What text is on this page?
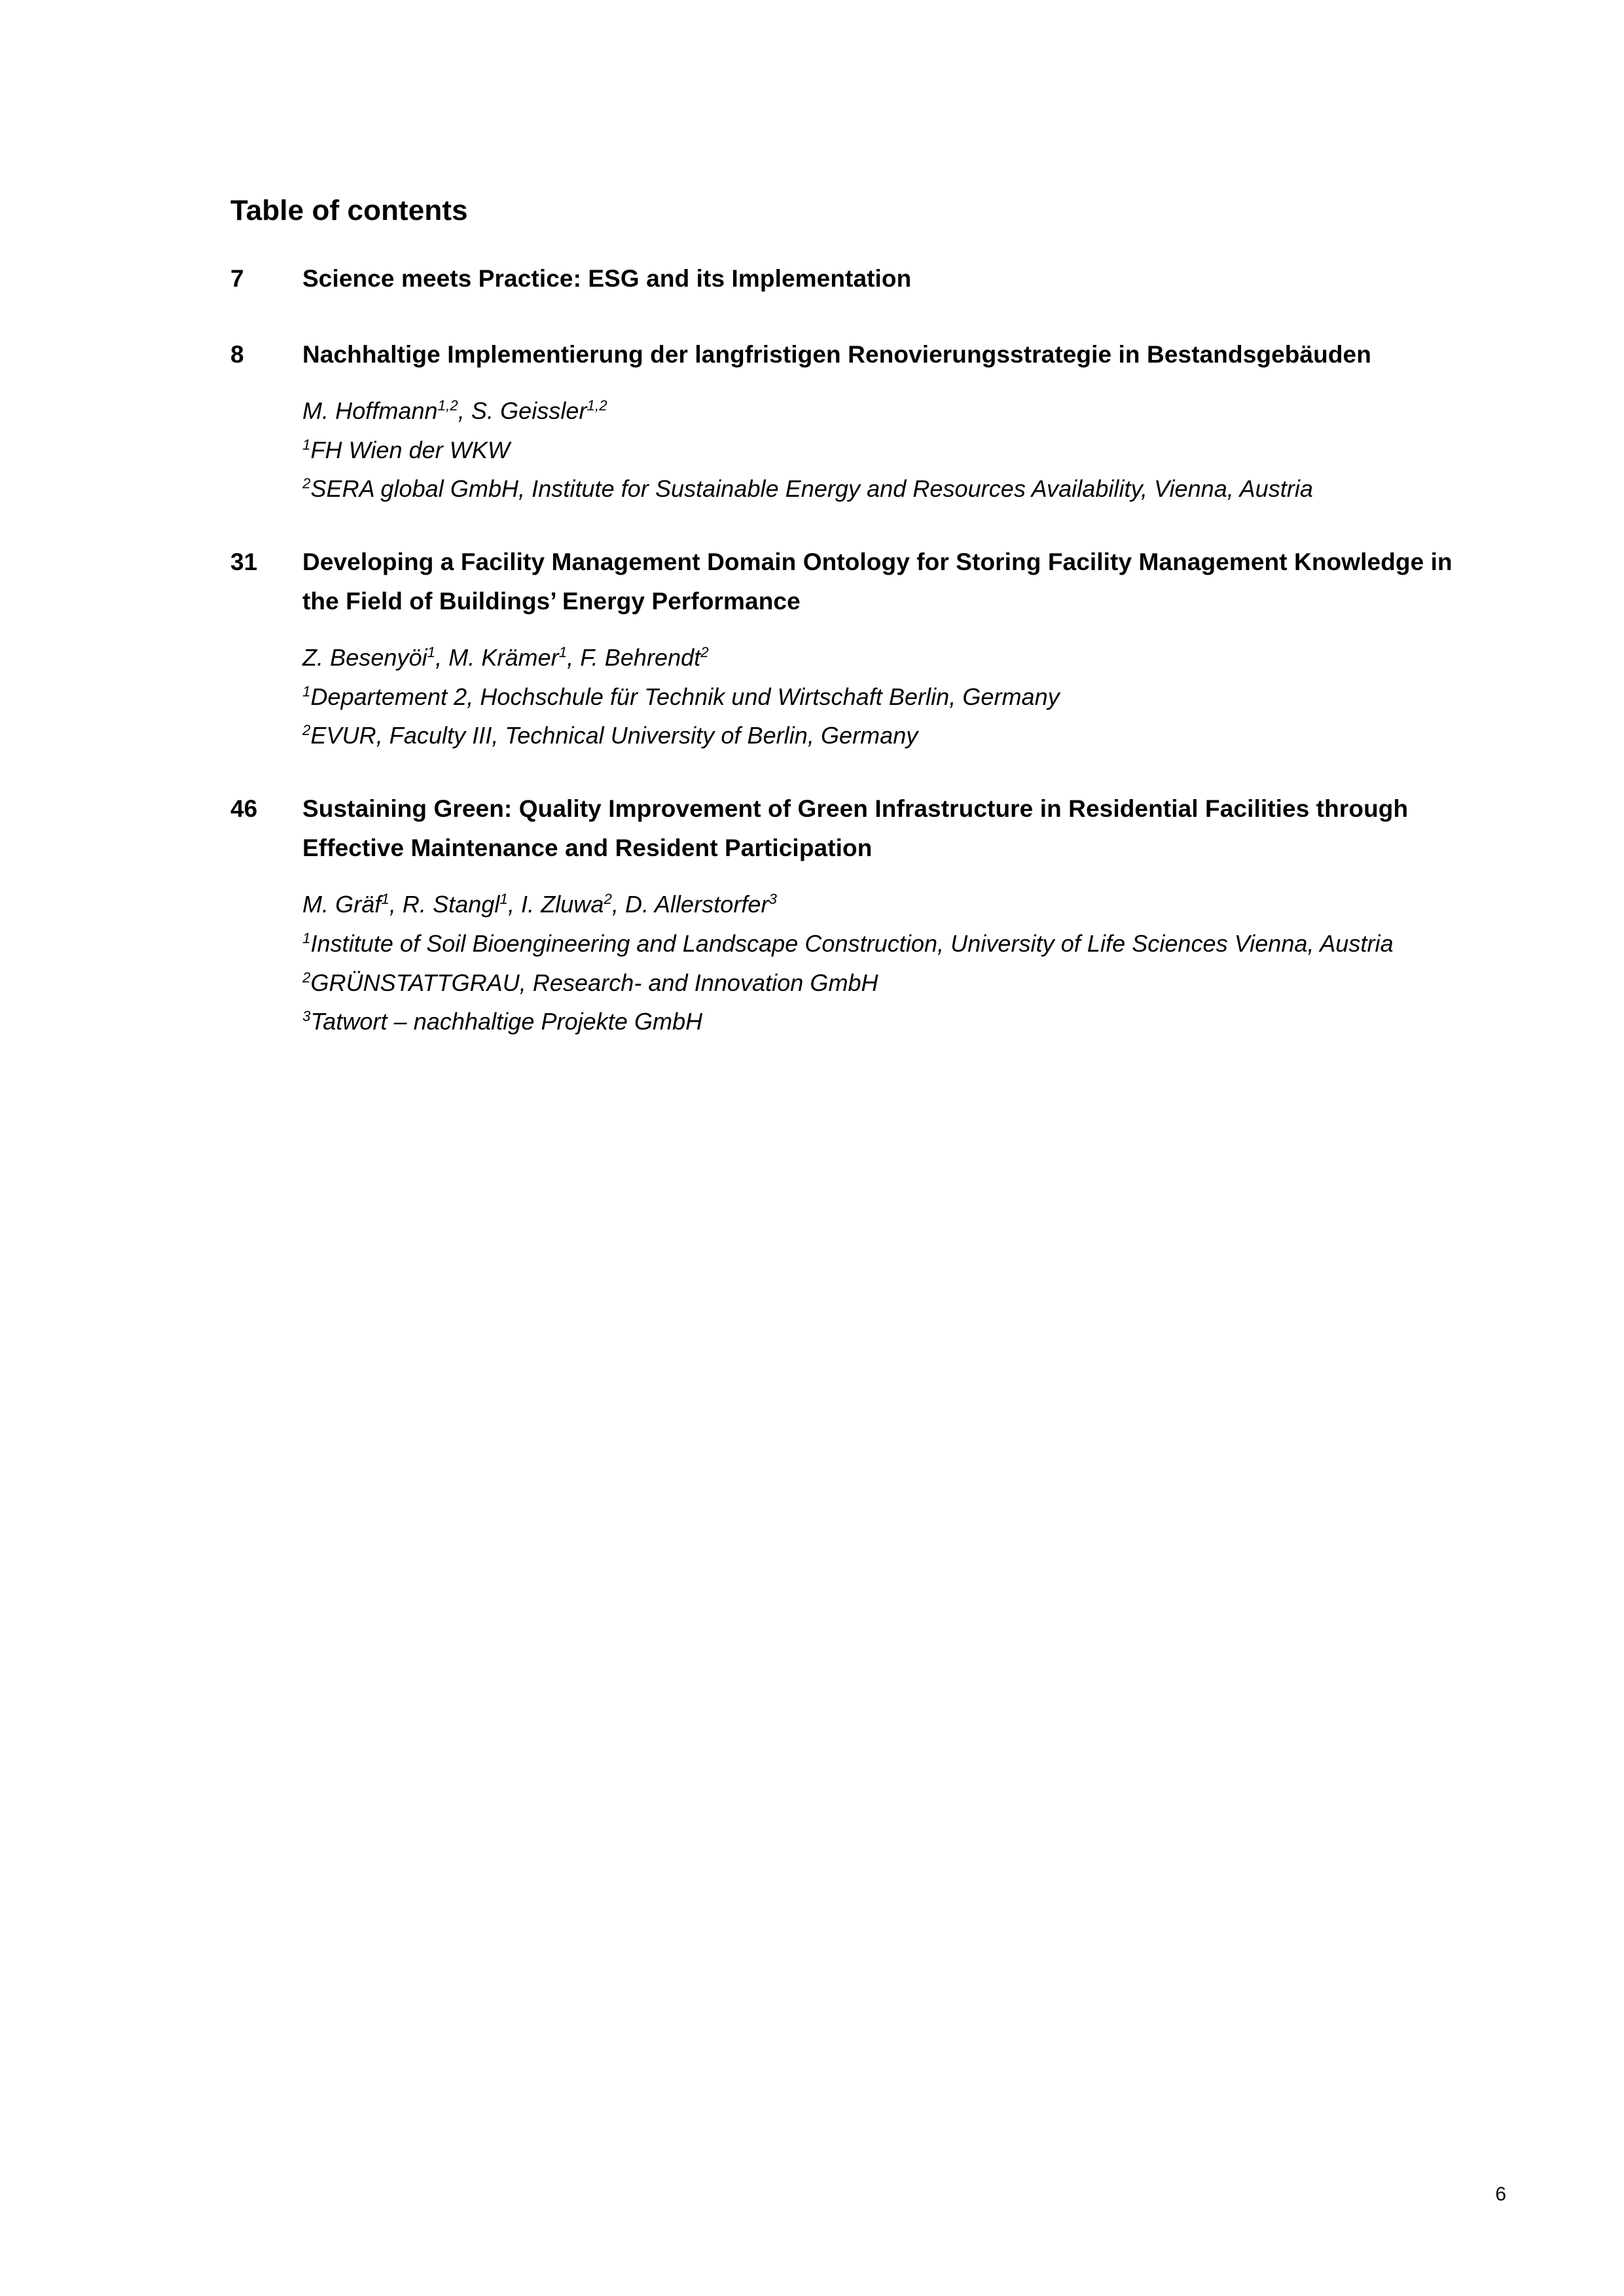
Table of contents
7	Science meets Practice: ESG and its Implementation
8	Nachhaltige Implementierung der langfristigen Renovierungsstrategie in Bestandsgebäuden
M. Hoffmann$^{1,2}$, S. Geissler$^{1,2}$
$^1$FH Wien der WKW
$^2$SERA global GmbH, Institute for Sustainable Energy and Resources Availability, Vienna, Austria
31	Developing a Facility Management Domain Ontology for Storing Facility Management Knowledge in the Field of Buildings’ Energy Performance
Z. Besenyöi$^1$, M. Krämer$^1$, F. Behrendt$^2$
$^1$Departement 2, Hochschule für Technik und Wirtschaft Berlin, Germany
$^2$EVUR, Faculty III, Technical University of Berlin, Germany
46	Sustaining Green: Quality Improvement of Green Infrastructure in Residential Facilities through Effective Maintenance and Resident Participation
M. Gräf$^1$, R. Stangl$^1$, I. Zluwa$^2$, D. Allerstorfer$^3$
$^1$Institute of Soil Bioengineering and Landscape Construction, University of Life Sciences Vienna, Austria
$^2$GRÜNSTATTGRAU, Research- and Innovation GmbH
$^3$Tatwort – nachhaltige Projekte GmbH
6
